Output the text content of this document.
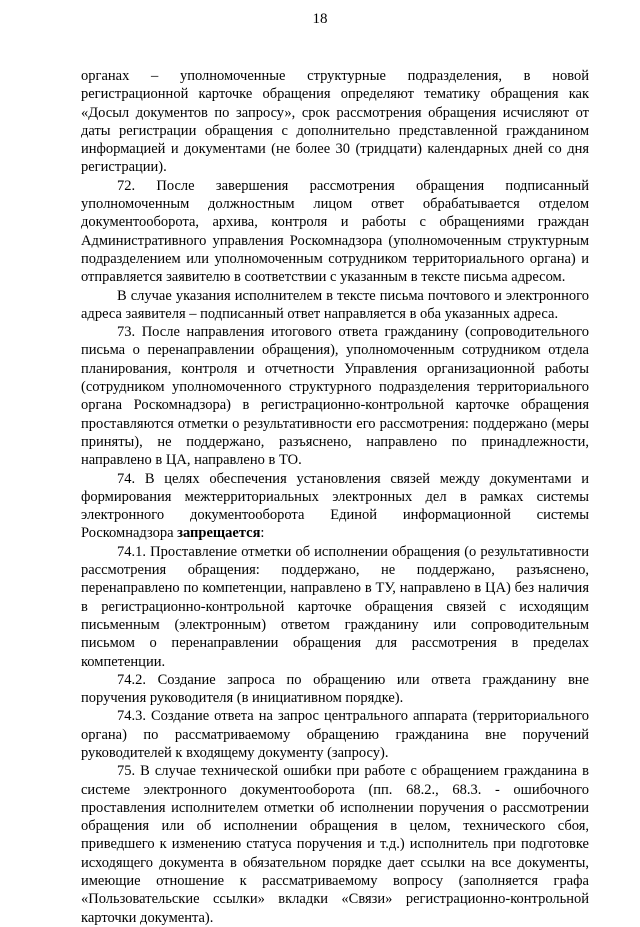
18

органах – уполномоченные структурные подразделения, в новой регистрационной карточке обращения определяют тематику обращения как «Досыл документов по запросу», срок рассмотрения обращения исчисляют от даты регистрации обращения с дополнительно представленной гражданином информацией и документами (не более 30 (тридцати) календарных дней со дня регистрации).

72. После завершения рассмотрения обращения подписанный уполномоченным должностным лицом ответ обрабатывается отделом документооборота, архива, контроля и работы с обращениями граждан Административного управления Роскомнадзора (уполномоченным структурным подразделением или уполномоченным сотрудником территориального органа) и отправляется заявителю в соответствии с указанным в тексте письма адресом.

В случае указания исполнителем в тексте письма почтового и электронного адреса заявителя – подписанный ответ направляется в оба указанных адреса.

73. После направления итогового ответа гражданину (сопроводительного письма о перенаправлении обращения), уполномоченным сотрудником отдела планирования, контроля и отчетности Управления организационной работы (сотрудником уполномоченного структурного подразделения территориального органа Роскомнадзора) в регистрационно-контрольной карточке обращения проставляются отметки о результативности его рассмотрения: поддержано (меры приняты), не поддержано, разъяснено, направлено по принадлежности, направлено в ЦА, направлено в ТО.

74. В целях обеспечения установления связей между документами и формирования межтерриториальных электронных дел в рамках системы электронного документооборота Единой информационной системы Роскомнадзора запрещается:

74.1. Проставление отметки об исполнении обращения (о результативности рассмотрения обращения: поддержано, не поддержано, разъяснено, перенаправлено по компетенции, направлено в ТУ, направлено в ЦА) без наличия в регистрационно-контрольной карточке обращения связей с исходящим письменным (электронным) ответом гражданину или сопроводительным письмом о перенаправлении обращения для рассмотрения в пределах компетенции.

74.2. Создание запроса по обращению или ответа гражданину вне поручения руководителя (в инициативном порядке).

74.3. Создание ответа на запрос центрального аппарата (территориального органа) по рассматриваемому обращению гражданина вне поручений руководителей к входящему документу (запросу).

75. В случае технической ошибки при работе с обращением гражданина в системе электронного документооборота (пп. 68.2., 68.3. - ошибочного проставления исполнителем отметки об исполнении поручения о рассмотрении обращения или об исполнении обращения в целом, технического сбоя, приведшего к изменению статуса поручения и т.д.) исполнитель при подготовке исходящего документа в обязательном порядке дает ссылки на все документы, имеющие отношение к рассматриваемому вопросу (заполняется графа «Пользовательские ссылки» вкладки «Связи» регистрационно-контрольной карточки документа).
